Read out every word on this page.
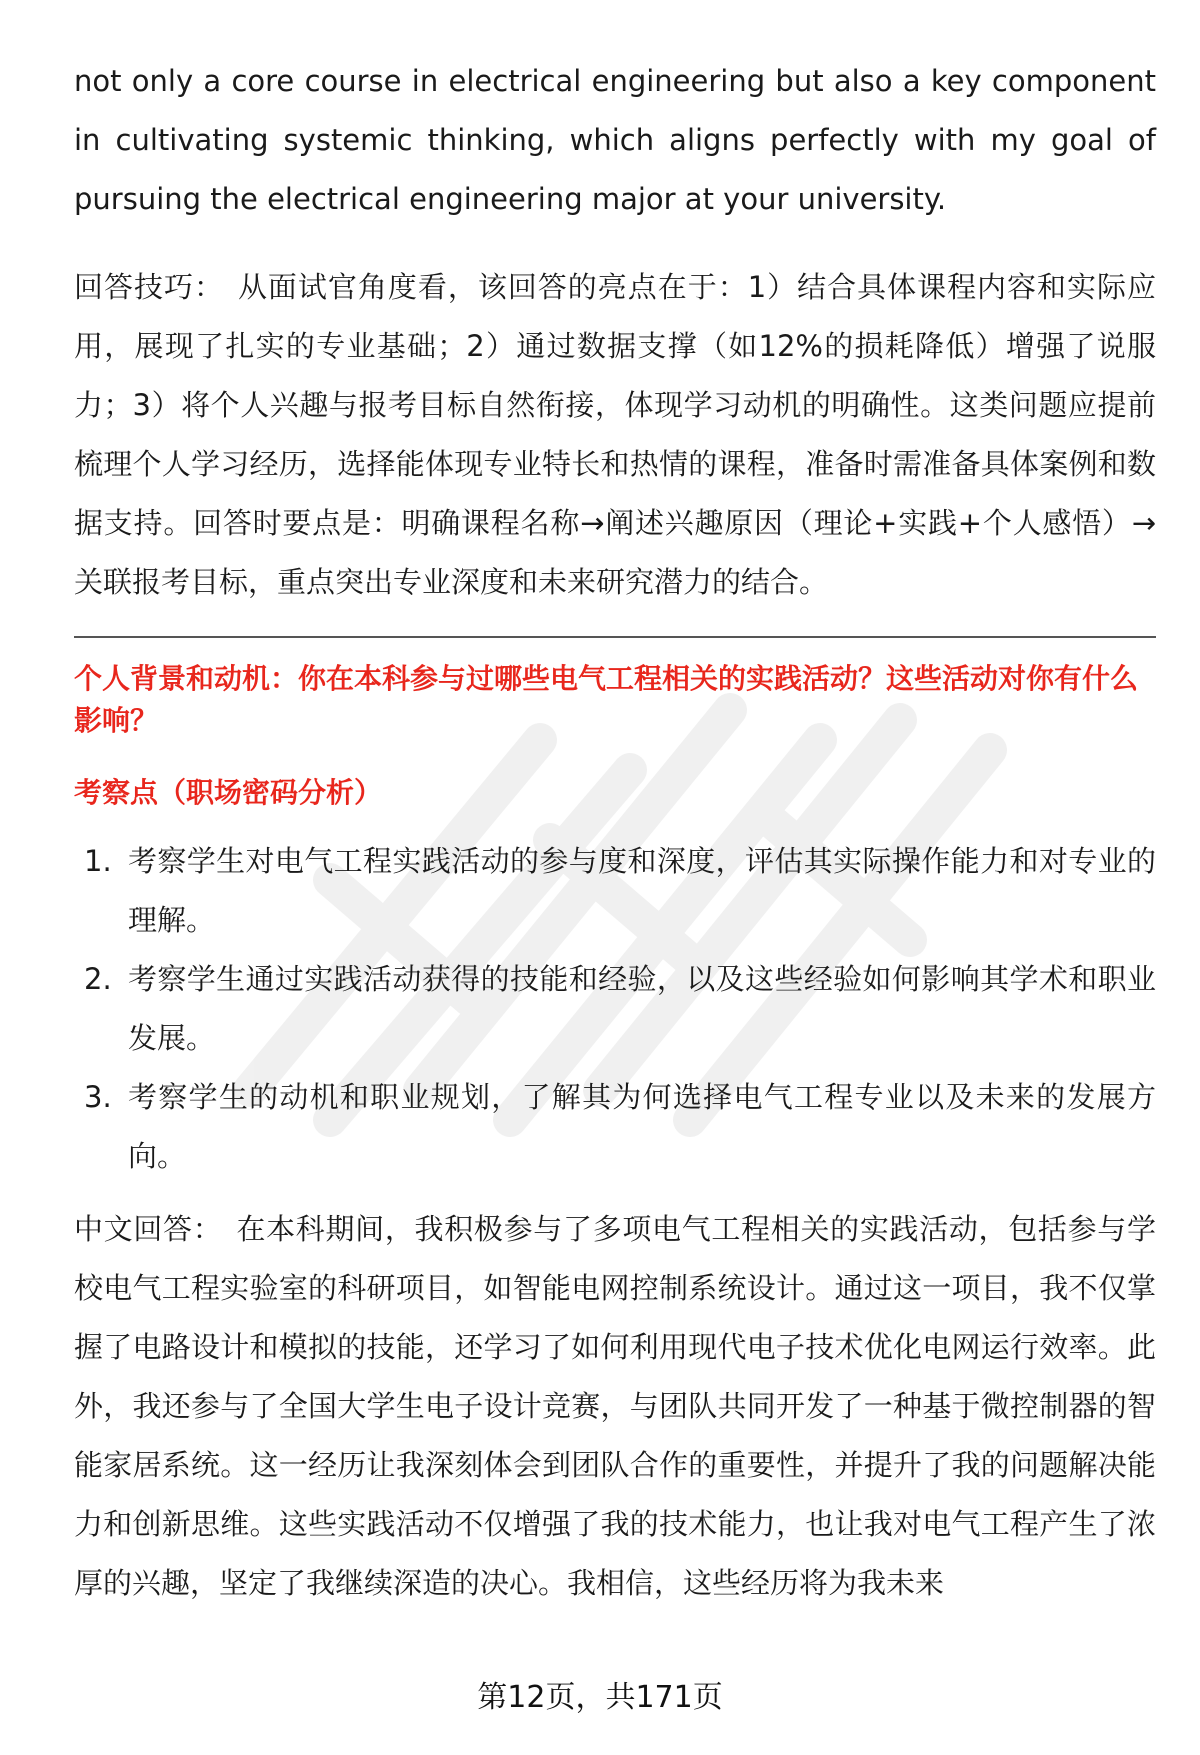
not only a core course in electrical engineering but also a key component in cultivating systemic thinking, which aligns perfectly with my goal of pursuing the electrical engineering major at your university.

回答技巧： 从面试官角度看，该回答的亮点在于：1）结合具体课程内容和实际应用，展现了扎实的专业基础；2）通过数据支撑（如12%的损耗降低）增强了说服力；3）将个人兴趣与报考目标自然衔接，体现学习动机的明确性。这类问题应提前梳理个人学习经历，选择能体现专业特长和热情的课程，准备时需准备具体案例和数据支持。回答时要点是：明确课程名称→阐述兴趣原因（理论+实践+个人感悟）→关联报考目标，重点突出专业深度和未来研究潜力的结合。

个人背景和动机：你在本科参与过哪些电气工程相关的实践活动？这些活动对你有什么影响？
考察点（职场密码分析）
1. 考察学生对电气工程实践活动的参与度和深度，评估其实际操作能力和对专业的理解。
2. 考察学生通过实践活动获得的技能和经验，以及这些经验如何影响其学术和职业发展。
3. 考察学生的动机和职业规划，了解其为何选择电气工程专业以及未来的发展方向。

中文回答： 在本科期间，我积极参与了多项电气工程相关的实践活动，包括参与学校电气工程实验室的科研项目，如智能电网控制系统设计。通过这一项目，我不仅掌握了电路设计和模拟的技能，还学习了如何利用现代电子技术优化电网运行效率。此外，我还参与了全国大学生电子设计竞赛，与团队共同开发了一种基于微控制器的智能家居系统。这一经历让我深刻体会到团队合作的重要性，并提升了我的问题解决能力和创新思维。这些实践活动不仅增强了我的技术能力，也让我对电气工程产生了浓厚的兴趣，坚定了我继续深造的决心。我相信，这些经历将为我未来

第12页，共171页
